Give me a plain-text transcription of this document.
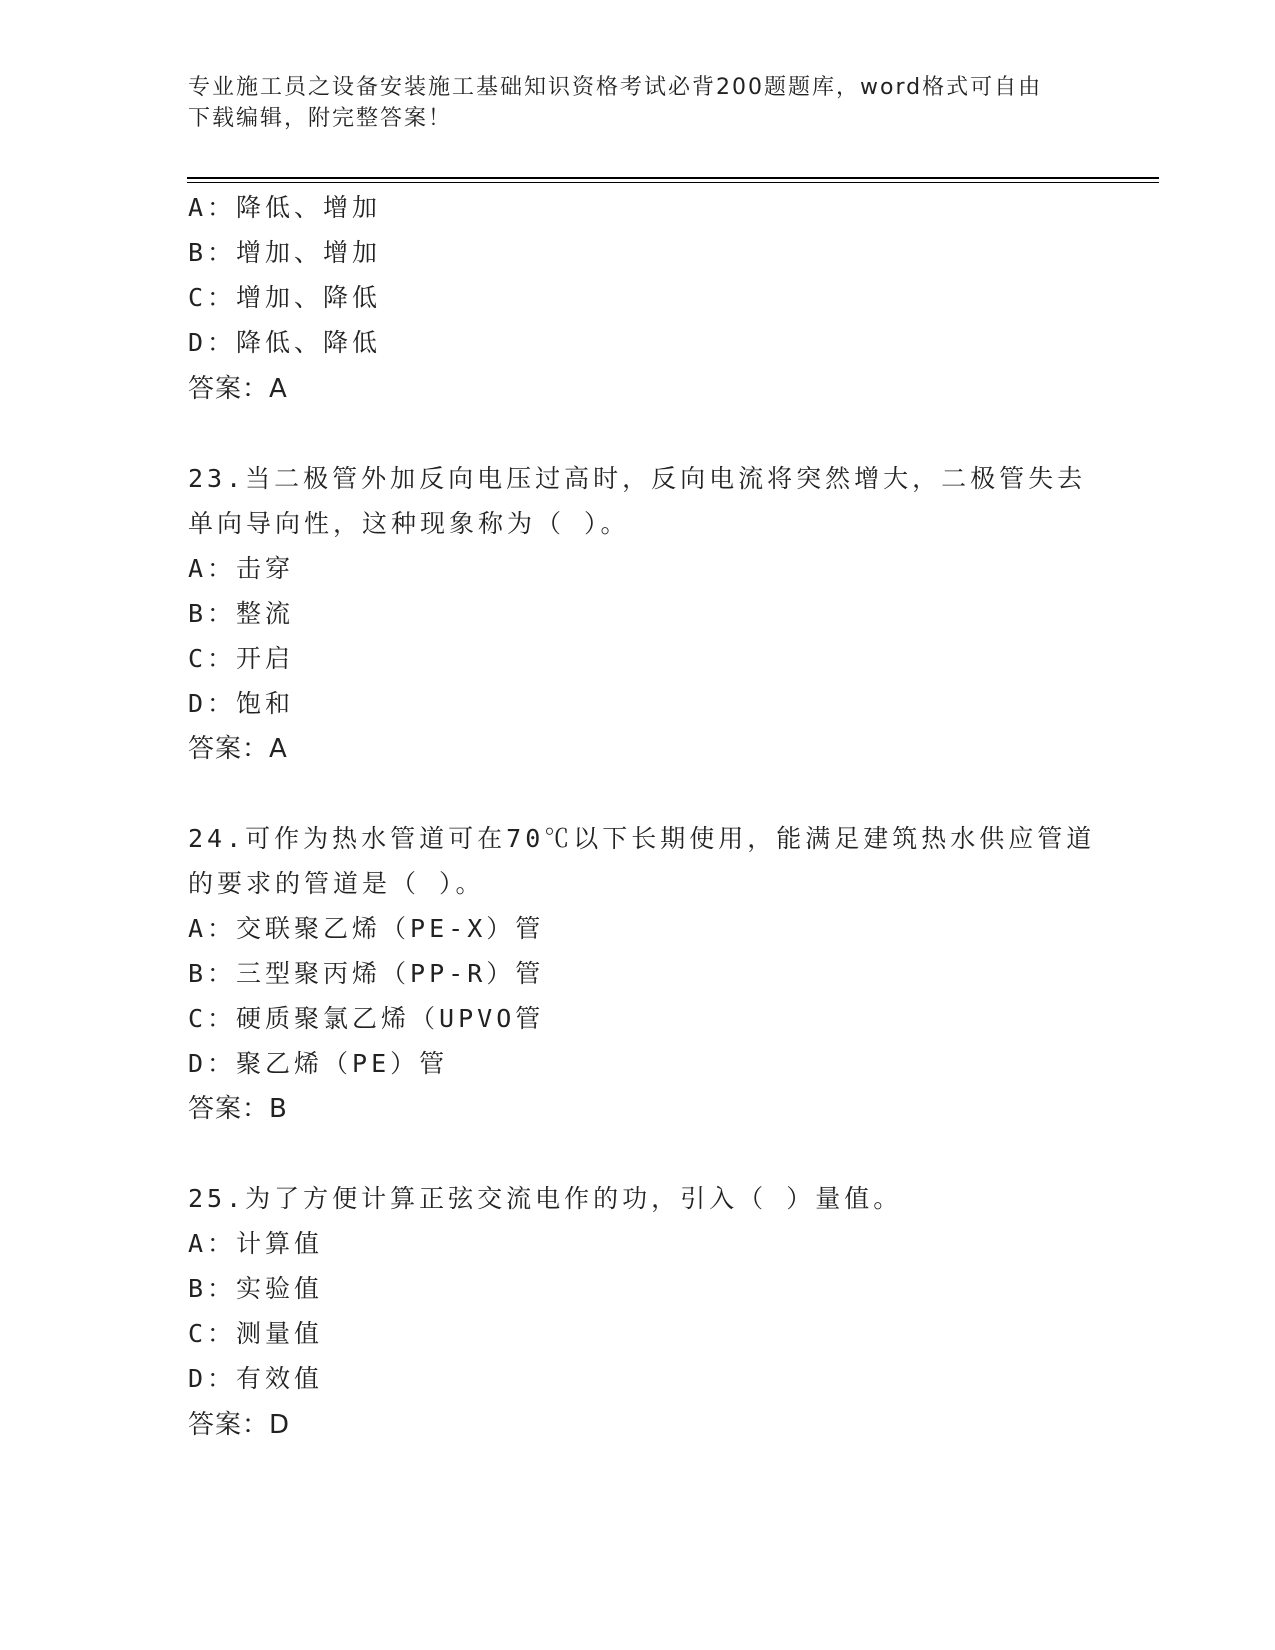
专业施工员之设备安装施工基础知识资格考试必背200题题库，word格式可自由
下载编辑，附完整答案！
A：降低、增加
B：增加、增加
C：增加、降低
D：降低、降低
答案：A
23.当二极管外加反向电压过高时，反向电流将突然增大，二极管失去
单向导向性，这种现象称为（ ）。
A：击穿
B：整流
C：开启
D：饱和
答案：A
24.可作为热水管道可在70℃以下长期使用，能满足建筑热水供应管道
的要求的管道是（ ）。
A：交联聚乙烯（PE-X）管
B：三型聚丙烯（PP-R）管
C：硬质聚氯乙烯（UPVO管
D：聚乙烯（PE）管
答案：B
25.为了方便计算正弦交流电作的功，引入（ ）量值。
A：计算值
B：实验值
C：测量值
D：有效值
答案：D
